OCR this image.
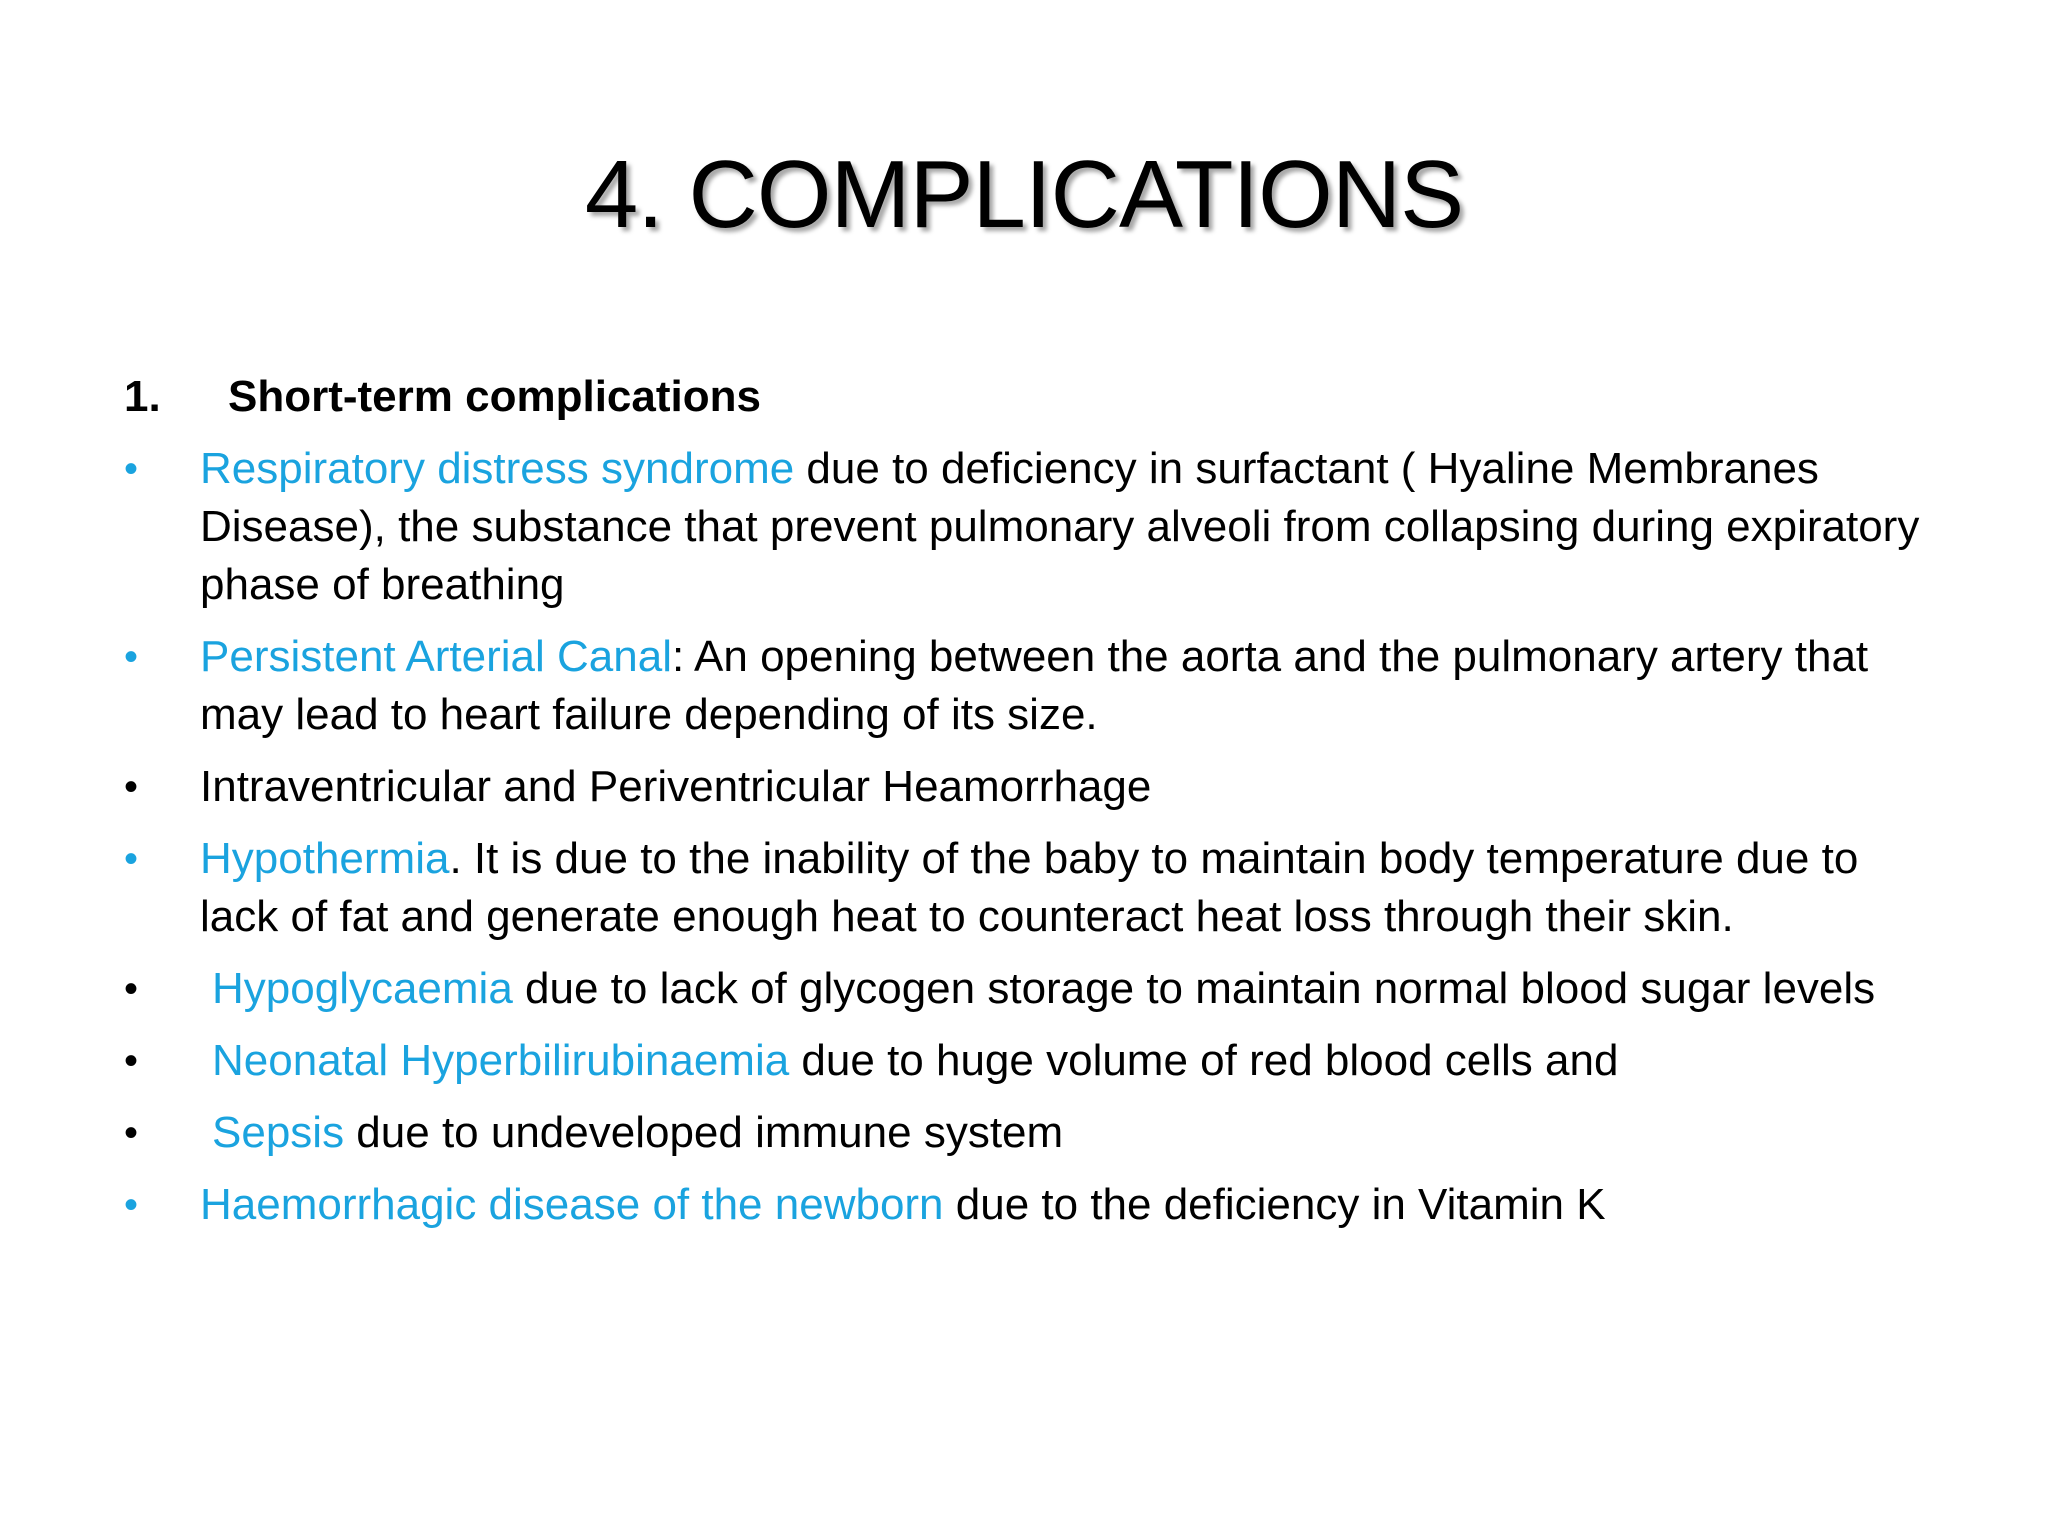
4. COMPLICATIONS
1.	Short-term complications
•	Respiratory distress syndrome due to deficiency in surfactant ( Hyaline Membranes Disease), the substance that prevent pulmonary alveoli from collapsing during expiratory phase of breathing
•	Persistent Arterial Canal: An opening between the aorta and the pulmonary artery that may lead to heart failure depending of its size.
•	Intraventricular and Periventricular Heamorrhage
•	Hypothermia. It is due to the inability of the baby to maintain body temperature due to lack of fat and generate enough heat to counteract heat loss through their skin.
•	Hypoglycaemia due to lack of glycogen storage to maintain normal blood sugar levels
•	Neonatal Hyperbilirubinaemia due to huge volume of red blood cells and
•	Sepsis due to undeveloped immune system
•	Haemorrhagic disease of the newborn due to the deficiency in Vitamin K
